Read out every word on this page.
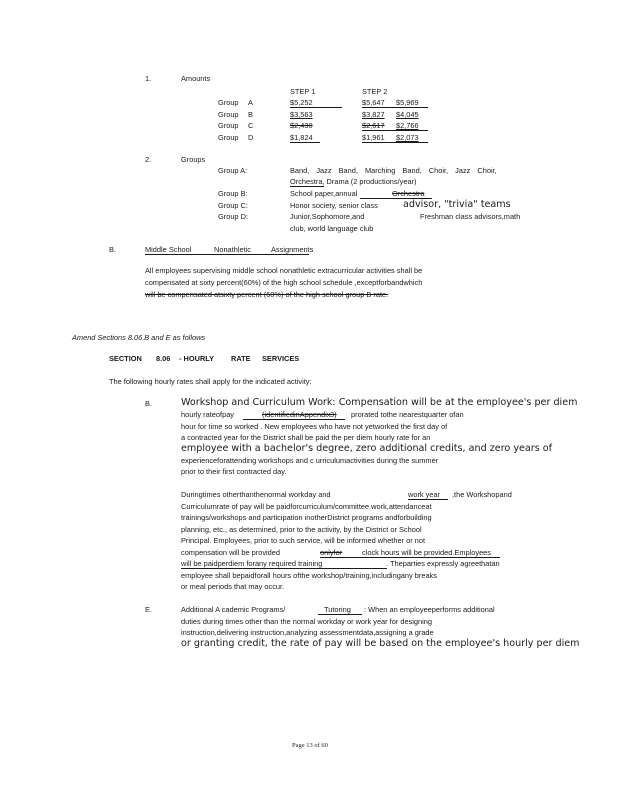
1.	Amounts
STEP 1	STEP 2
Group A	$5,252	$5,647 $5,969
Group B	$3,563	$3,827 $4,045
Group C	$2,430	$2,617 $2,766
Group D	$1,824	$1,961 $2,073
2.	Groups
Group A:	Band, Jazz Band, Marching Band, Choir, Jazz Choir,
Orchestra, Drama (2 productions/year)
Group B:	School paper,annual	Orchestra
Group C:	Honor society, senior class	advisor, "trivia" teams
Group D:	Junior,Sophomore,and	Freshman class advisors,math
club, world language club
B.	Middle School	Nonathletic	Assignments
All employees supervising middle school nonathletic extracurricular activities shall be
compensated at sixty percent(60%) of the high school schedule ,exceptforbandwhich
will be compensated atsixty percent (60%) of the high school group B rate.
Amend Sections 8.06.B and E as follows
SECTION 8.06 - HOURLY RATE SERVICES
The following hourly rates shall apply for the indicated activity:
B.	Workshop and Curriculum Work: Compensation will be at the employee's per diem
hourly rateofpay	(identifiedinAppendix 3) prorated tothe nearestquarter ofan
hour for time so worked . New employees who have not yetworked the first day of
a contracted year for the District shall be paid the per diem hourly rate for an
employee with a bachelor's degree, zero additional credits, and zero years of
experienceforattending workshops and c urriculumactivities during the summer
prior to their first contracted day.
Duringtimes otherthanthenormal workday and	work year ,the Workshopand
Curriculumrate of pay will be paidforcurriculum/committee work,attendanceat
trainings/workshops and participation inotherDistrict programs andforbuilding
planning, etc., as determined, prior to the activity, by the District or School
Principal. Employees, prior to such service, will be informed whether or not
compensation will be provided	onlyfor	clock hours will be provided.Employees
will be paidperdiem forany required training	. Theparties expressly agreethatan
employee shall bepaidforall hours ofthe workshop/training,includingany breaks
or meal periods that may occur.
E.	Additional A cademic Programs/	Tutoring : When an employeeperforms additional
duties during times other than the normal workday or work year for designing
instruction,delivering instruction,analyzing assessmentdata,assigning a grade
or granting credit, the rate of pay will be based on the employee's hourly per diem
Page 13 of 60
